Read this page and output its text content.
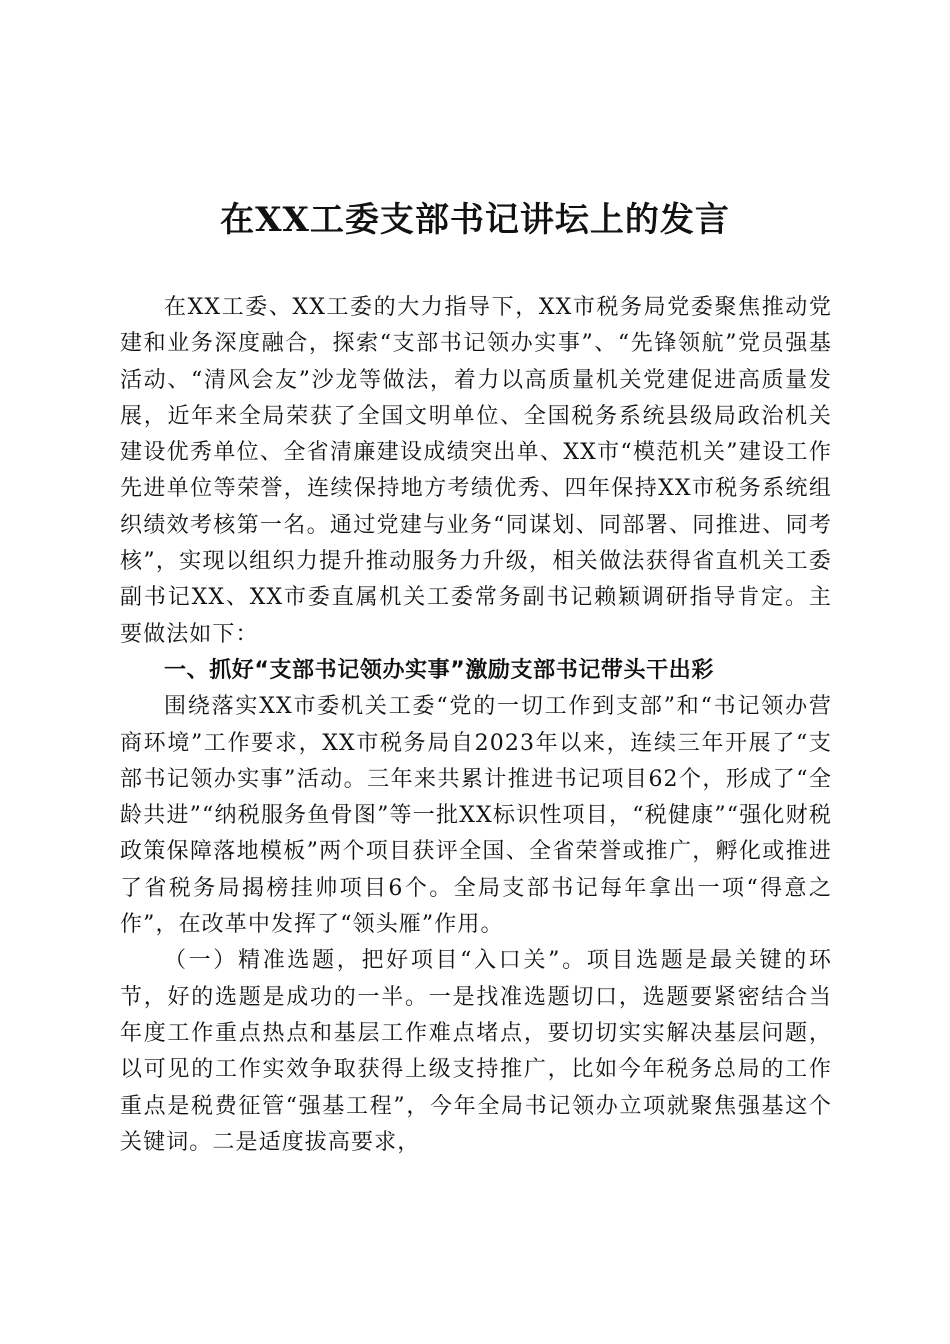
在XX工委支部书记讲坛上的发言

在XX工委、XX工委的大力指导下，XX市税务局党委聚焦推动党建和业务深度融合，探索“支部书记领办实事”、“先锋领航”党员强基活动、“清风会友”沙龙等做法，着力以高质量机关党建促进高质量发展，近年来全局荣获了全国文明单位、全国税务系统县级局政治机关建设优秀单位、全省清廉建设成绩突出单、XX市“模范机关”建设工作先进单位等荣誉，连续保持地方考绩优秀、四年保持XX市税务系统组织绩效考核第一名。通过党建与业务“同谋划、同部署、同推进、同考核”，实现以组织力提升推动服务力升级，相关做法获得省直机关工委副书记XX、XX市委直属机关工委常务副书记赖颖调研指导肯定。主要做法如下：

一、抓好“支部书记领办实事”激励支部书记带头干出彩

围绕落实XX市委机关工委“党的一切工作到支部”和“书记领办营商环境”工作要求，XX市税务局自2023年以来，连续三年开展了“支部书记领办实事”活动。三年来共累计推进书记项目62个，形成了“全龄共进”“纳税服务鱼骨图”等一批XX标识性项目，“税健康”“强化财税政策保障落地模板”两个项目获评全国、全省荣誉或推广，孵化或推进了省税务局揭榜挂帅项目6个。全局支部书记每年拿出一项“得意之作”，在改革中发挥了“领头雁”作用。

（一）精准选题，把好项目“入口关”。项目选题是最关键的环节，好的选题是成功的一半。一是找准选题切口，选题要紧密结合当年度工作重点热点和基层工作难点堵点，要切切实实解决基层问题，以可见的工作实效争取获得上级支持推广，比如今年税务总局的工作重点是税费征管“强基工程”，今年全局书记领办立项就聚焦强基这个关键词。二是适度拔高要求，
